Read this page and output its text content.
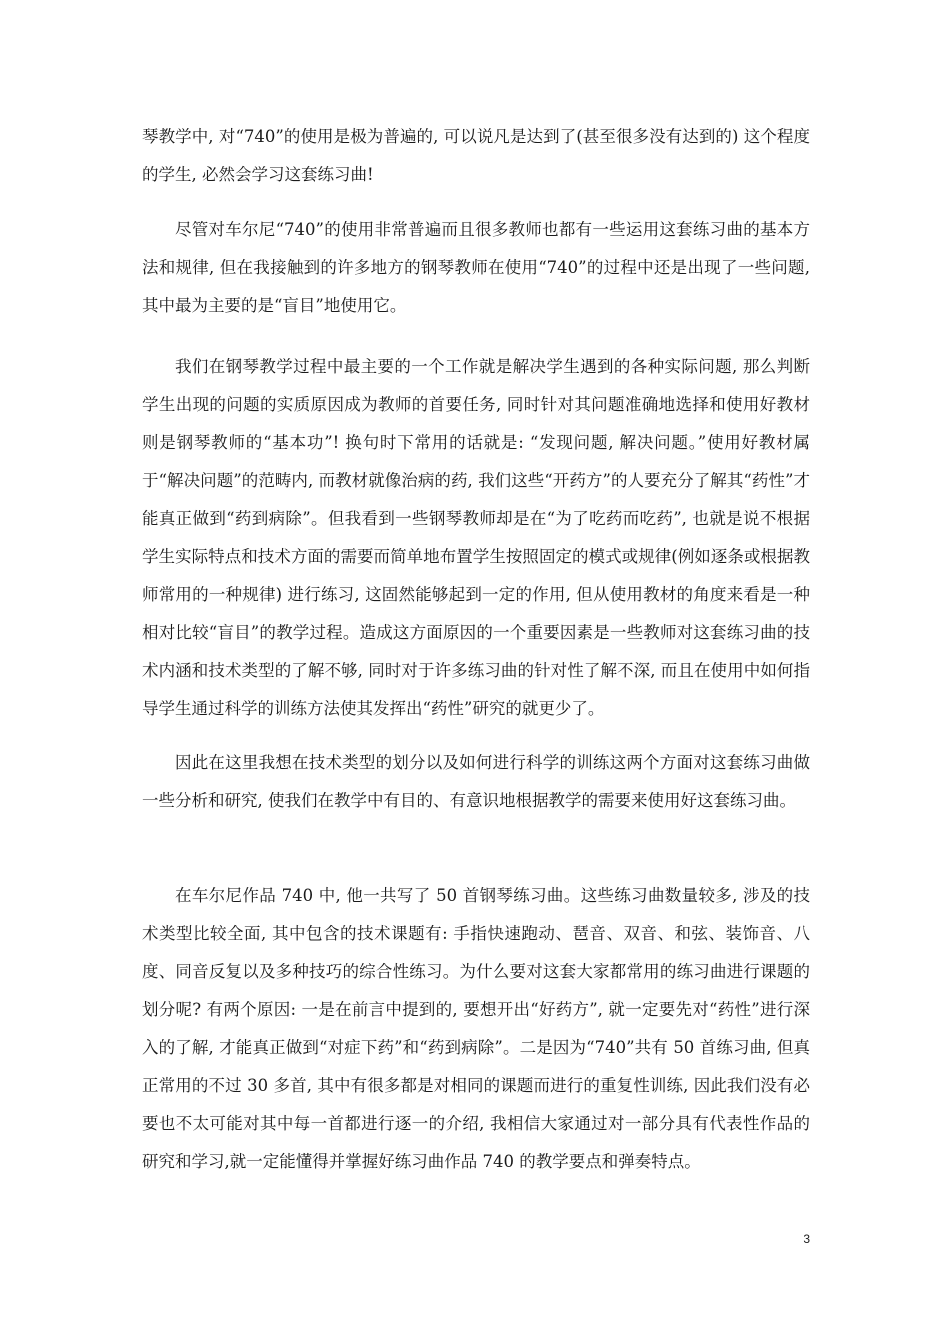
琴教学中, 对“740”的使用是极为普遍的, 可以说凡是达到了(甚至很多没有达到的) 这个程度的学生, 必然会学习这套练习曲!

尽管对车尔尼“740”的使用非常普遍而且很多教师也都有一些运用这套练习曲的基本方法和规律, 但在我接触到的许多地方的钢琴教师在使用“740”的过程中还是出现了一些问题,其中最为主要的是“盲目”地使用它。

我们在钢琴教学过程中最主要的一个工作就是解决学生遇到的各种实际问题, 那么判断学生出现的问题的实质原因成为教师的首要任务, 同时针对其问题准确地选择和使用好教材则是钢琴教师的“基本功”! 换句时下常用的话就是: “发现问题, 解决问题。”使用好教材属于“解决问题”的范畴内, 而教材就像治病的药, 我们这些“开药方”的人要充分了解其“药性”才能真正做到“药到病除”。但我看到一些钢琴教师却是在“为了吃药而吃药”, 也就是说不根据学生实际特点和技术方面的需要而简单地布置学生按照固定的模式或规律(例如逐条或根据教师常用的一种规律) 进行练习, 这固然能够起到一定的作用, 但从使用教材的角度来看是一种相对比较“盲目”的教学过程。造成这方面原因的一个重要因素是一些教师对这套练习曲的技术内涵和技术类型的了解不够, 同时对于许多练习曲的针对性了解不深, 而且在使用中如何指导学生通过科学的训练方法使其发挥出“药性”研究的就更少了。

因此在这里我想在技术类型的划分以及如何进行科学的训练这两个方面对这套练习曲做一些分析和研究, 使我们在教学中有目的、有意识地根据教学的需要来使用好这套练习曲。

在车尔尼作品 740 中, 他一共写了 50 首钢琴练习曲。这些练习曲数量较多, 涉及的技术类型比较全面, 其中包含的技术课题有: 手指快速跑动、琶音、双音、和弦、装饰音、八度、同音反复以及多种技巧的综合性练习。为什么要对这套大家都常用的练习曲进行课题的划分呢? 有两个原因: 一是在前言中提到的, 要想开出“好药方”, 就一定要先对“药性”进行深入的了解, 才能真正做到“对症下药”和“药到病除”。二是因为“740”共有 50 首练习曲, 但真正常用的不过 30 多首, 其中有很多都是对相同的课题而进行的重复性训练, 因此我们没有必要也不太可能对其中每一首都进行逐一的介绍, 我相信大家通过对一部分具有代表性作品的研究和学习,就一定能懂得并掌握好练习曲作品 740 的教学要点和弹奏特点。

3
